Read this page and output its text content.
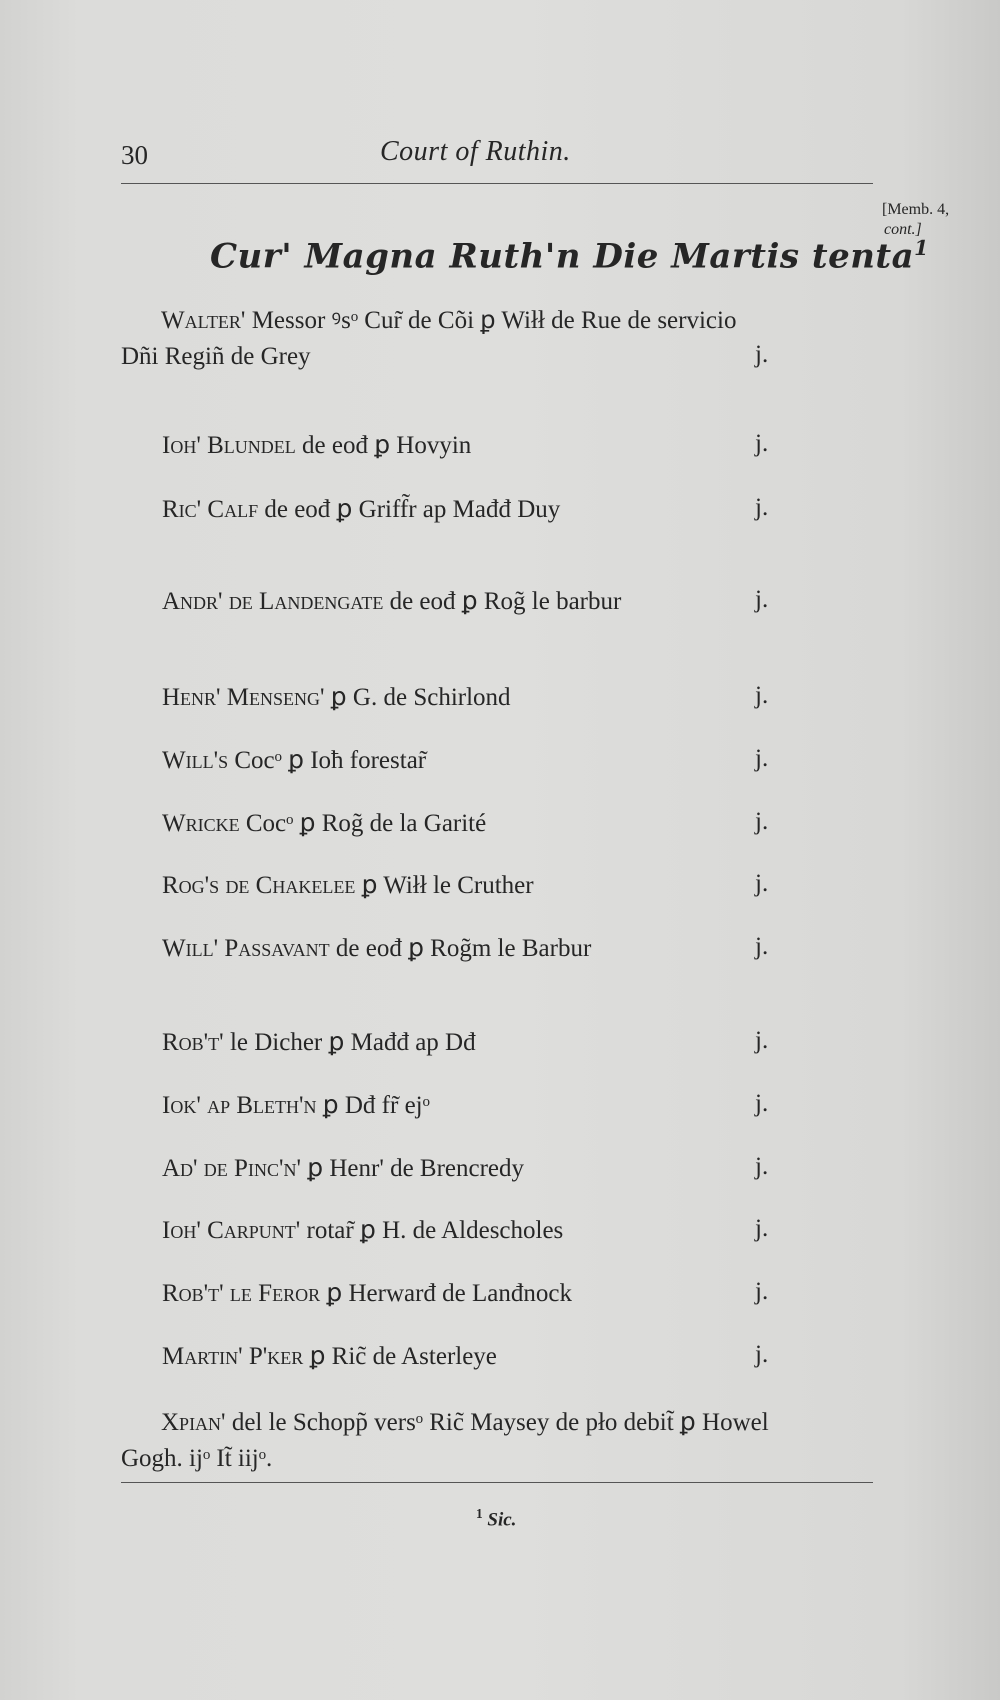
30	Court of Ruthin.
[Memb. 4,
cont.]
Cur' Magna Ruth'n Die Martis tenta$^1$
Walter' Messor ꝰsᵒ Cur̃ de Cõi ꝑ Wiłł de Rue de servicio
Dñi Regiñ de Grey	j.
Ioh' Blundel de eođ ꝑ Hovyin	j.
Ric' Calf de eođ ꝑ Griff̃r ap Mađđ Duy	j.
Andr' de Landengate de eođ ꝑ Rog̃ le barbur	j.
Henr' Menseng' ꝑ G. de Schirlond	j.
Will's Cocᵒ ꝑ Ioħ forestar̃	j.
Wricke Cocᵒ ꝑ Rog̃ de la Garité	j.
Rog's de Chakelee ꝑ Wiłł le Cruther	j.
Will' Passavant de eođ ꝑ Rog̃m le Barbur	j.
Rob't' le Dicher ꝑ Mađđ ap Dđ	j.
Iok' ap Bleth'n ꝑ Dđ fr̃ ejᵒ	j.
Ad' de Pinc'n' ꝑ Henr' de Brencredy	j.
Ioh' Carpunt' rotar̃ ꝑ H. de Aldescholes	j.
Rob't' le Feror ꝑ Herwarđ de Lanđnock	j.
Martin' P'ker ꝑ Ric̃ de Asterleye	j.
Xpian' del le Schopp̃ versᵒ Ric̃ Maysey de pło debit̃ ꝑ Howel
Gogh. ijᵒ It̃ iijᵒ.
$^1$ Sic.
